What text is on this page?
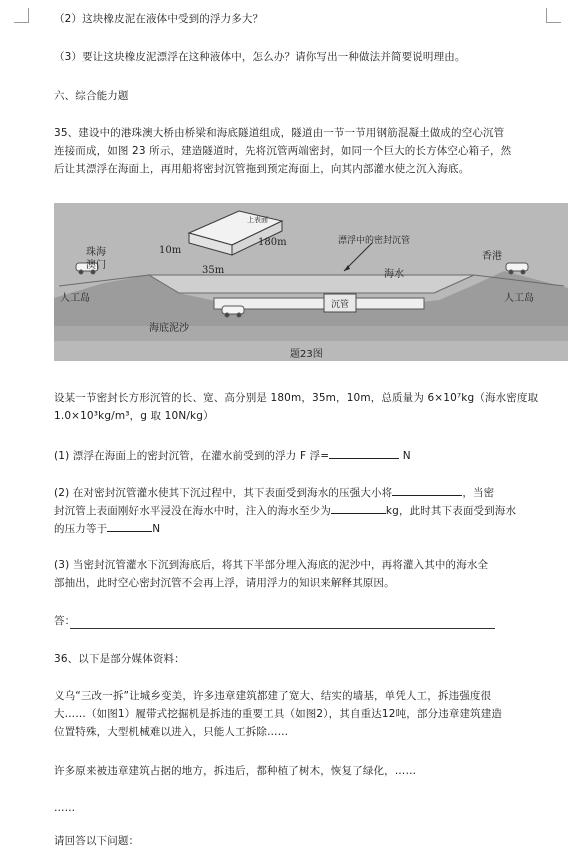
（2）这块橡皮泥在液体中受到的浮力多大？
（3）要让这块橡皮泥漂浮在这种液体中，怎么办？请你写出一种做法并简要说明理由。
六、综合能力题
35、建设中的港珠澳大桥由桥梁和海底隧道组成，隧道由一节一节用钢筋混凝土做成的空心沉管
连接而成，如图 23 所示，建造隧道时，先将沉管两端密封，如同一个巨大的长方体空心箱子，然
后让其漂浮在海面上，再用船将密封沉管拖到预定海面上，向其内部灌水使之沉入海底。
珠海
澳门
10m
35m
180m
上表面
漂浮中的密封沉管
海水
沉管
香港
人工岛	人工岛
海底泥沙
题23图
设某一节密封长方形沉管的长、宽、高分别是 180m，35m，10m，总质量为 6×10⁷kg（海水密度取
1.0×10³kg/m³，g 取 10N/kg）
(1) 漂浮在海面上的密封沉管，在灌水前受到的浮力 F 浮=	N
(2) 在对密封沉管灌水使其下沉过程中，其下表面受到海水的压强大小将	，当密
封沉管上表面刚好水平浸没在海水中时，注入的海水至少为	kg，此时其下表面受到海水
的压力等于	N
(3) 当密封沉管灌水下沉到海底后，将其下半部分埋入海底的泥沙中，再将灌入其中的海水全
部抽出，此时空心密封沉管不会再上浮，请用浮力的知识来解释其原因。
答：
36、以下是部分媒体资料：
义乌“三改一拆”让城乡变美，许多违章建筑都建了宽大、结实的墙基，单凭人工，拆违强度很
大……（如图1）履带式挖掘机是拆违的重要工具（如图2），其自重达12吨，部分违章建筑建造
位置特殊，大型机械难以进入，只能人工拆除……
许多原来被违章建筑占据的地方，拆违后，都种植了树木，恢复了绿化，……
……
请回答以下问题：
